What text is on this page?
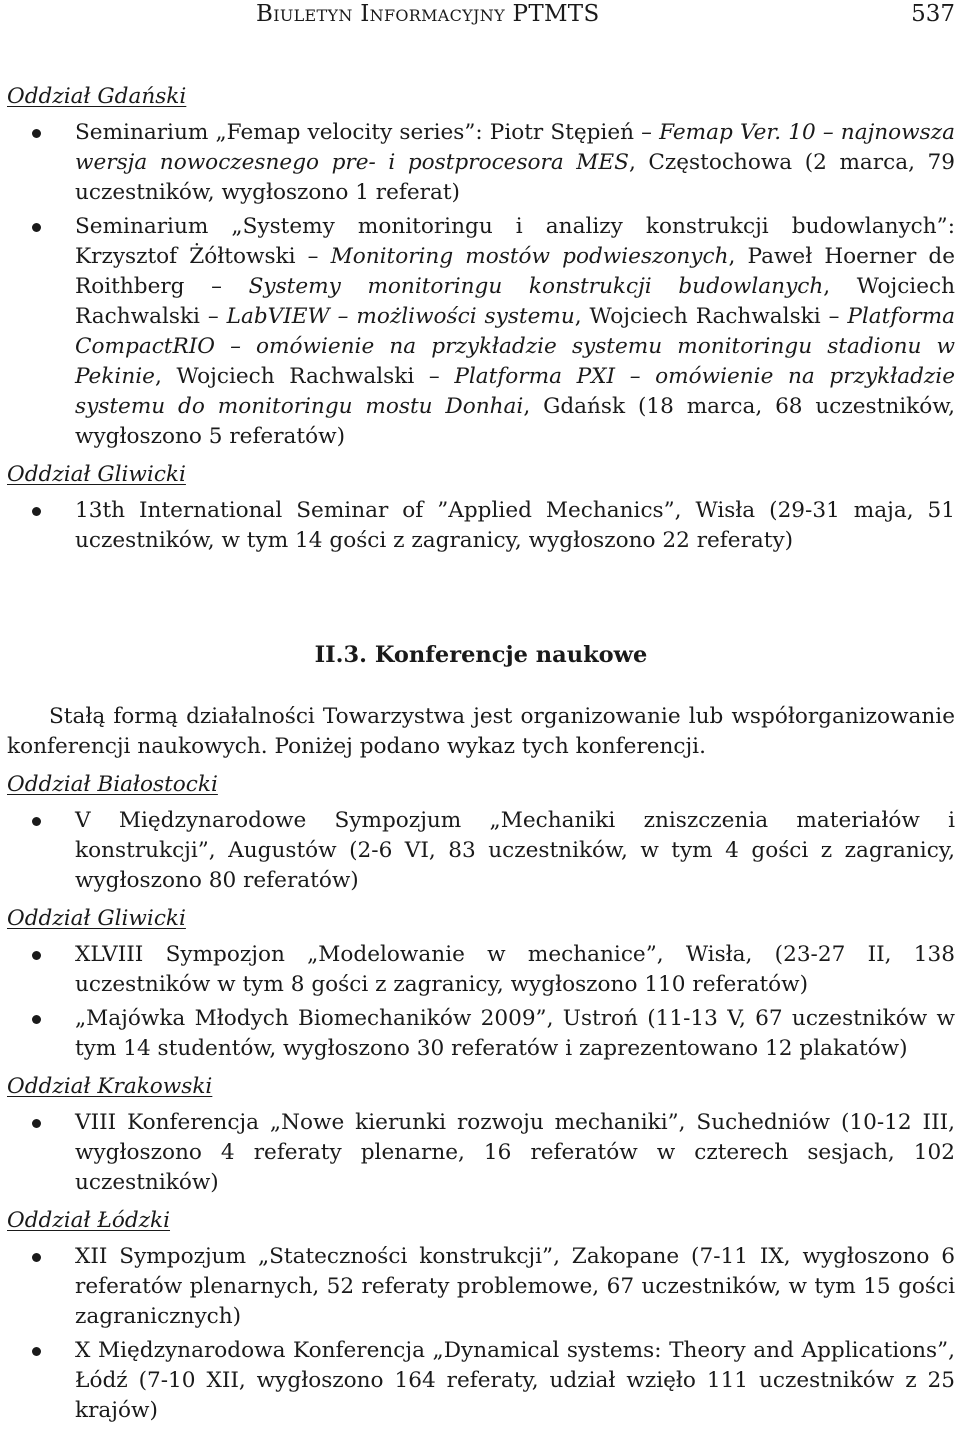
Biuletyn Informacyjny PTMTS	537
Oddział Gdański
Seminarium „Femap velocity series”: Piotr Stępień – Femap Ver. 10 – najnowsza wersja nowoczesnego pre- i postprocesora MES, Częstochowa (2 marca, 79 uczestników, wygłoszono 1 referat)
Seminarium „Systemy monitoringu i analizy konstrukcji budowlanych”: Krzysztof Żółtowski – Monitoring mostów podwieszonych, Paweł Hoerner de Roithberg – Systemy monitoringu konstrukcji budowlanych, Wojciech Rachwalski – LabVIEW – możliwości systemu, Wojciech Rachwalski – Platforma CompactRIO – omówienie na przykładzie systemu monitoringu stadionu w Pekinie, Wojciech Rachwalski – Platforma PXI – omówienie na przykładzie systemu do monitoringu mostu Donhai, Gdańsk (18 marca, 68 uczestników, wygłoszono 5 referatów)
Oddział Gliwicki
13th International Seminar of ”Applied Mechanics”, Wisła (29-31 maja, 51 uczestników, w tym 14 gości z zagranicy, wygłoszono 22 referaty)
II.3. Konferencje naukowe

Stałą formą działalności Towarzystwa jest organizowanie lub współorganizowanie konferencji naukowych. Poniżej podano wykaz tych konferencji.

Oddział Białostocki
V Międzynarodowe Sympozjum „Mechaniki zniszczenia materiałów i konstrukcji”, Augustów (2-6 VI, 83 uczestników, w tym 4 gości z zagranicy, wygłoszono 80 referatów)
Oddział Gliwicki
XLVIII Sympozjon „Modelowanie w mechanice”, Wisła, (23-27 II, 138 uczestników w tym 8 gości z zagranicy, wygłoszono 110 referatów)
„Majówka Młodych Biomechaników 2009”, Ustroń (11-13 V, 67 uczestników w tym 14 studentów, wygłoszono 30 referatów i zaprezentowano 12 plakatów)
Oddział Krakowski
VIII Konferencja „Nowe kierunki rozwoju mechaniki”, Suchedniów (10-12 III, wygłoszono 4 referaty plenarne, 16 referatów w czterech sesjach, 102 uczestników)
Oddział Łódzki
XII Sympozjum „Stateczności konstrukcji”, Zakopane (7-11 IX, wygłoszono 6 referatów plenarnych, 52 referaty problemowe, 67 uczestników, w tym 15 gości zagranicznych)
X Międzynarodowa Konferencja „Dynamical systems: Theory and Applications”, Łódź (7-10 XII, wygłoszono 164 referaty, udział wzięło 111 uczestników z 25 krajów)
